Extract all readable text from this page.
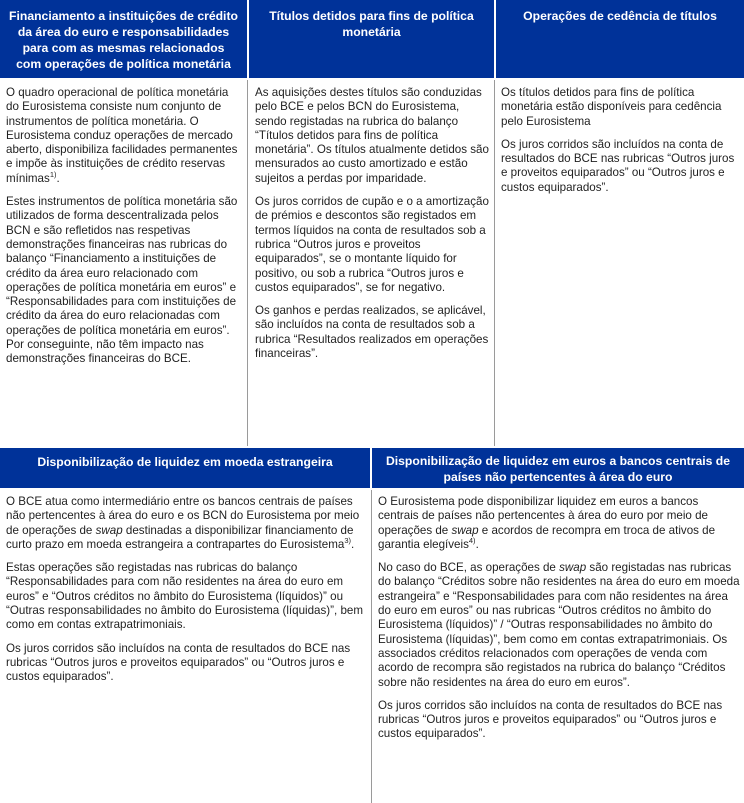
Financiamento a instituições de crédito
da área do euro e responsabilidades
para com as mesmas relacionados
com operações de política monetária
Títulos detidos para fins de política
monetária
Operações de cedência de títulos

O quadro operacional de política monetária do Eurosistema consiste num conjunto de instrumentos de política monetária. O Eurosistema conduz operações de mercado aberto, disponibiliza facilidades permanentes e impõe às instituições de crédito reservas mínimas$^{1)}$.

Estes instrumentos de política monetária são utilizados de forma descentralizada pelos BCN e são refletidos nas respetivas demonstrações financeiras nas rubricas do balanço “Financiamento a instituições de crédito da área euro relacionado com operações de política monetária em euros” e “Responsabilidades para com instituições de crédito da área do euro relacionadas com operações de política monetária em euros”. Por conseguinte, não têm impacto nas demonstrações financeiras do BCE.

As aquisições destes títulos são conduzidas pelo BCE e pelos BCN do Eurosistema, sendo registadas na rubrica do balanço “Títulos detidos para fins de política monetária”. Os títulos atualmente detidos são mensurados ao custo amortizado e estão sujeitos a perdas por imparidade.

Os juros corridos de cupão e o a amortização de prémios e descontos são registados em termos líquidos na conta de resultados sob a rubrica “Outros juros e proveitos equiparados”, se o montante líquido for positivo, ou sob a rubrica “Outros juros e custos equiparados”, se for negativo.

Os ganhos e perdas realizados, se aplicável, são incluídos na conta de resultados sob a rubrica “Resultados realizados em operações financeiras”.

Os títulos detidos para fins de política monetária estão disponíveis para cedência pelo Eurosistema

Os juros corridos são incluídos na conta de resultados do BCE nas rubricas “Outros juros e proveitos equiparados” ou “Outros juros e custos equiparados”.

Disponibilização de liquidez em moeda estrangeira	Disponibilização de liquidez em euros a bancos centrais de
países não pertencentes à área do euro

O BCE atua como intermediário entre os bancos centrais de países não pertencentes à área do euro e os BCN do Eurosistema por meio de operações de swap destinadas a disponibilizar financiamento de curto prazo em moeda estrangeira a contrapartes do Eurosistema$^{3)}$.

Estas operações são registadas nas rubricas do balanço “Responsabilidades para com não residentes na área do euro em euros” e “Outros créditos no âmbito do Eurosistema (líquidos)” ou “Outras responsabilidades no âmbito do Eurosistema (líquidas)”, bem como em contas extrapatrimoniais.

Os juros corridos são incluídos na conta de resultados do BCE nas rubricas “Outros juros e proveitos equiparados” ou “Outros juros e custos equiparados”.

O Eurosistema pode disponibilizar liquidez em euros a bancos centrais de países não pertencentes à área do euro por meio de operações de swap e acordos de recompra em troca de ativos de garantia elegíveis$^{4)}$.

No caso do BCE, as operações de swap são registadas nas rubricas do balanço “Créditos sobre não residentes na área do euro em moeda estrangeira” e “Responsabilidades para com não residentes na área do euro em euros” ou nas rubricas “Outros créditos no âmbito do Eurosistema (líquidos)” / “Outras responsabilidades no âmbito do Eurosistema (líquidas)”, bem como em contas extrapatrimoniais. Os associados créditos relacionados com operações de venda com acordo de recompra são registados na rubrica do balanço “Créditos sobre não residentes na área do euro em euros”.

Os juros corridos são incluídos na conta de resultados do BCE nas rubricas “Outros juros e proveitos equiparados” ou “Outros juros e custos equiparados”.
